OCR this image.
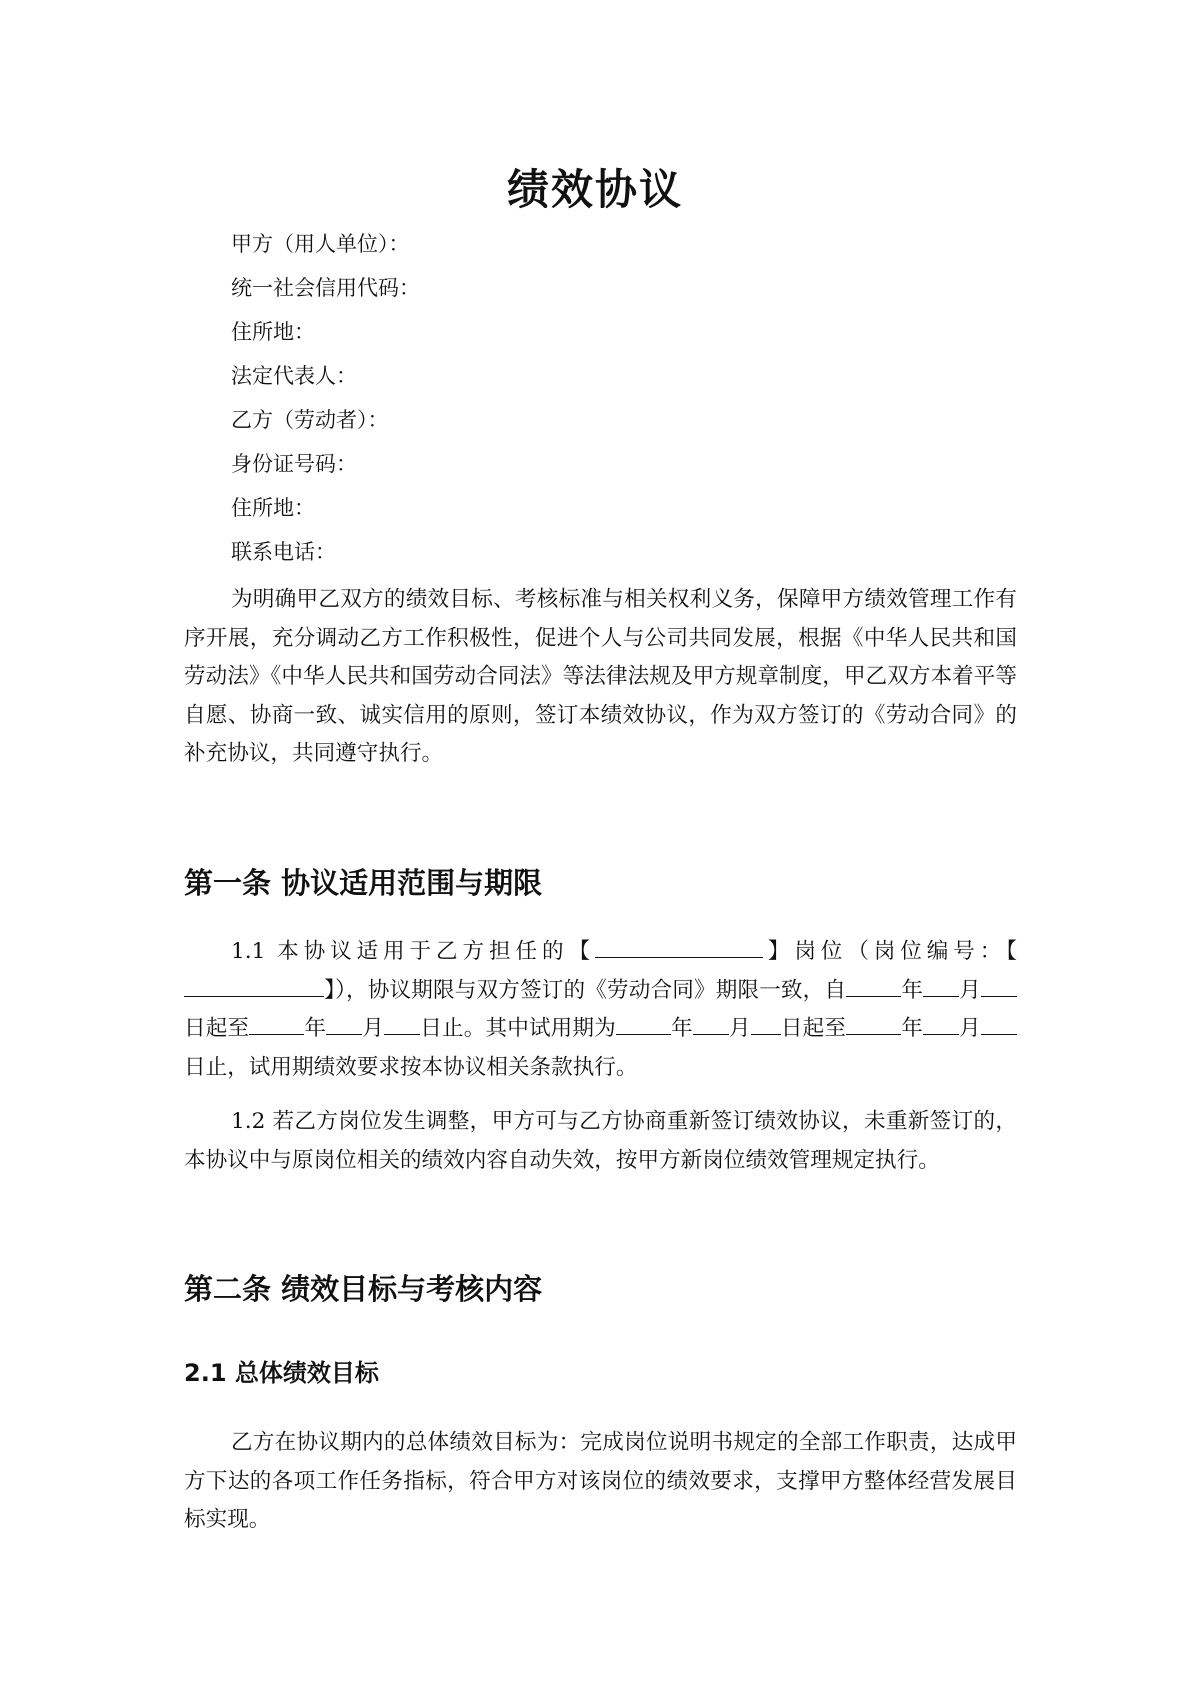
绩效协议
甲方（用人单位）：
统一社会信用代码：
住所地：
法定代表人：
乙方（劳动者）：
身份证号码：
住所地：
联系电话：

为明确甲乙双方的绩效目标、考核标准与相关权利义务，保障甲方绩效管理工作有序开展，充分调动乙方工作积极性，促进个人与公司共同发展，根据《中华人民共和国劳动法》《中华人民共和国劳动合同法》等法律法规及甲方规章制度，甲乙双方本着平等自愿、协商一致、诚实信用的原则，签订本绩效协议，作为双方签订的《劳动合同》的补充协议，共同遵守执行。

第一条 协议适用范围与期限

1.1 本协议适用于乙方担任的【	】岗位（岗位编号：【】），协议期限与双方签订的《劳动合同》期限一致，自	年 月日起至	年 月 日止。其中试用期为	年 月 日起至	年 月日止，试用期绩效要求按本协议相关条款执行。

1.2 若乙方岗位发生调整，甲方可与乙方协商重新签订绩效协议，未重新签订的，本协议中与原岗位相关的绩效内容自动失效，按甲方新岗位绩效管理规定执行。

第二条 绩效目标与考核内容
2.1 总体绩效目标

乙方在协议期内的总体绩效目标为：完成岗位说明书规定的全部工作职责，达成甲方下达的各项工作任务指标，符合甲方对该岗位的绩效要求，支撑甲方整体经营发展目标实现。
